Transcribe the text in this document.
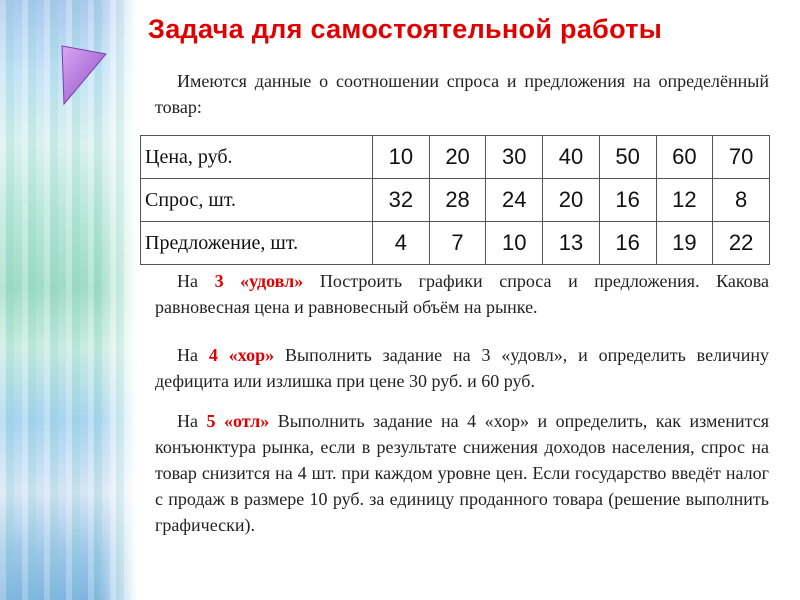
Задача для самостоятельной работы
Имеются данные о соотношении спроса и предложения на определённый товар:
Цена, руб.	10	20	30	40	50	60	70
Спрос, шт.	32	28	24	20	16	12	8
Предложение, шт.	4	7	10	13	16	19	22
На 3 «удовл» Построить графики спроса и предложения. Какова равновесная цена и равновесный объём на рынке.
На 4 «хор» Выполнить задание на 3 «удовл», и определить величину дефицита или излишка при цене 30 руб. и 60 руб.
На 5 «отл» Выполнить задание на 4 «хор» и определить, как изменится конъюнктура рынка, если в результате снижения доходов населения, спрос на товар снизится на 4 шт. при каждом уровне цен. Если государство введёт налог с продаж в размере 10 руб. за единицу проданного товара (решение выполнить графически).
